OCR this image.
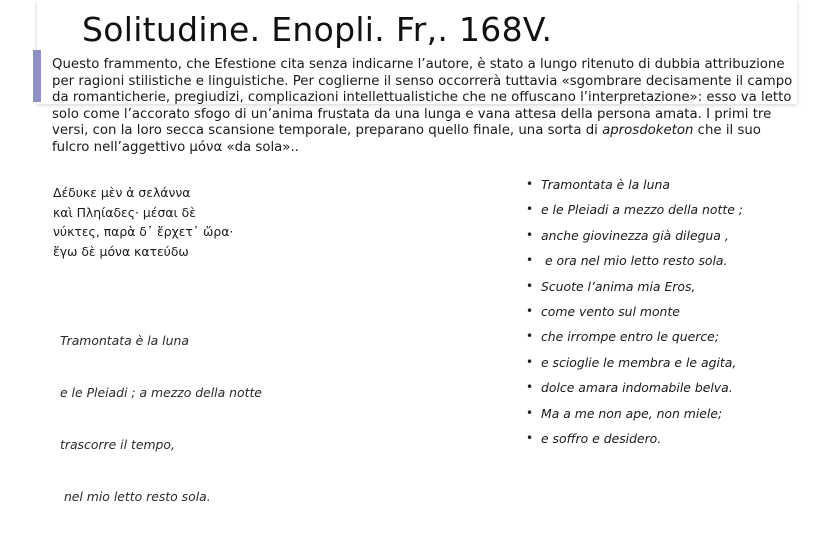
Solitudine. Enopli. Fr,. 168V.

Questo frammento, che Efestione cita senza indicarne l’autore, è stato a lungo ritenuto di dubbia attribuzione per ragioni stilistiche e linguistiche. Per coglierne il senso occorrerà tuttavia «sgombrare decisamente il campo da romanticherie, pregiudizi, complicazioni intellettualistiche che ne offuscano l’interpretazione»: esso va letto solo come l’accorato sfogo di un’anima frustata da una lunga e vana attesa della persona amata. I primi tre versi, con la loro secca scansione temporale, preparano quello finale, una sorta di aprosdoketon che il suo fulcro nell’aggettivo μόνα «da sola»..

Δέδυκε μὲν ἀ σελάννα
καὶ Πληίαδες· μέσαι δὲ
νύκτες, παρὰ δ᾽ ἔρχετ᾽ ὤρα·
ἔγω δὲ μόνα κατεύδω

Tramontata è la luna

e le Pleiadi ; a mezzo della notte

trascorre il tempo,

nel mio letto resto sola.

• Tramontata è la luna
• e le Pleiadi a mezzo della notte ;
• anche giovinezza già dilegua ,
• e ora nel mio letto resto sola.
• Scuote l’anima mia Eros,
• come vento sul monte
• che irrompe entro le querce;
• e scioglie le membra e le agita,
• dolce amara indomabile belva.
• Ma a me non ape, non miele;
• e soffro e desidero.
